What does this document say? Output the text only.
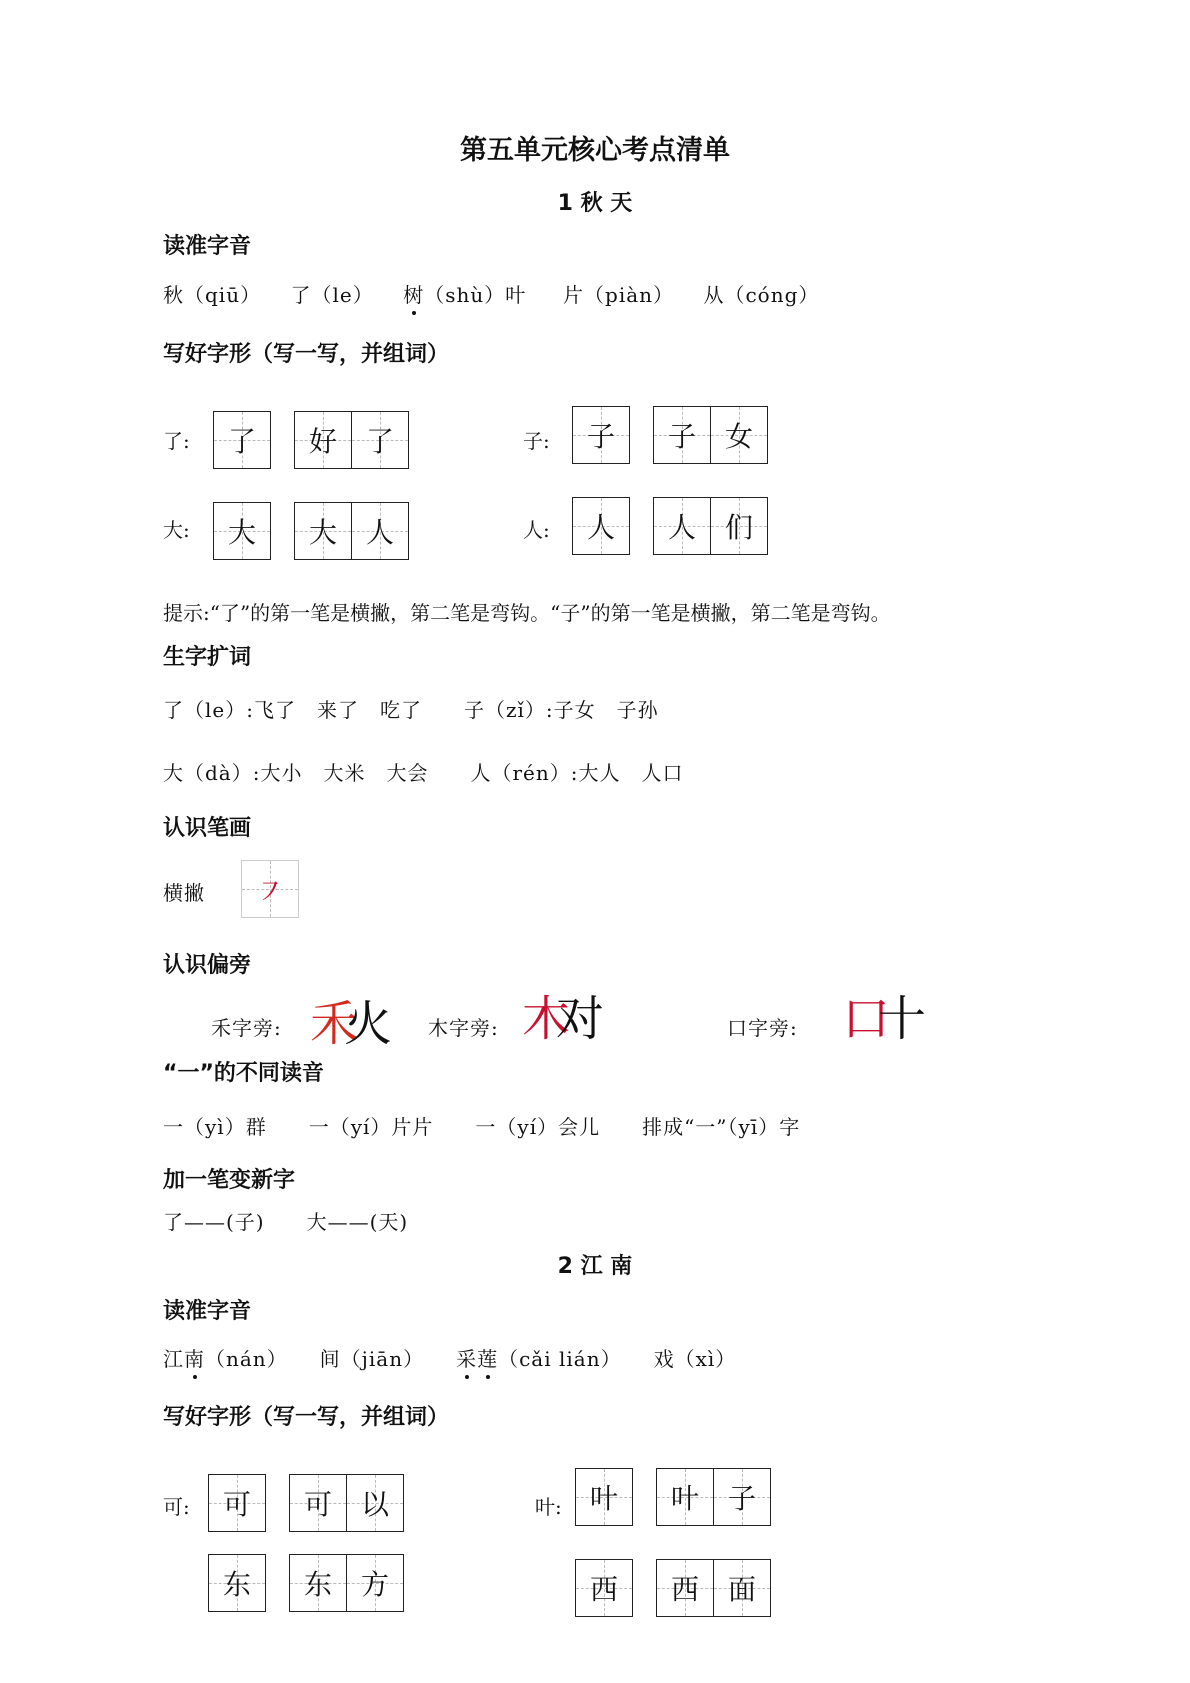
第五单元核心考点清单
1 秋 天
读准字音
秋（qiū） 了（le） 树（shù）叶 片（piàn） 从（cóng）
写好字形（写一写，并组词）
了: 了 好 了	子: 子 子 女
大: 大 大 人	人: 人 人 们
提示:“了”的第一笔是横撇，第二笔是弯钩。“子”的第一笔是横撇，第二笔是弯钩。
生字扩词
了（le）:飞了　来了　吃了　　子（zǐ）:子女　子孙
大（dà）:大小　大米　大会　　人（rén）:大人　人口
认识笔画
横撇 ㇇
认识偏旁
禾字旁: 禾火 木字旁: 木对	口字旁: 口十
“一”的不同读音
一（yì）群　　一（yí）片片　　一（yí）会儿　　排成“一”（yī）字
加一笔变新字
了——(子)　　大——(天)
2 江 南
读准字音
江南（nán）　　间（jiān）　　采莲（cǎi lián）　　戏（xì）
写好字形（写一写，并组词）
可: 可 可 以	叶: 叶 叶 子
东 东 方	西 西 面
